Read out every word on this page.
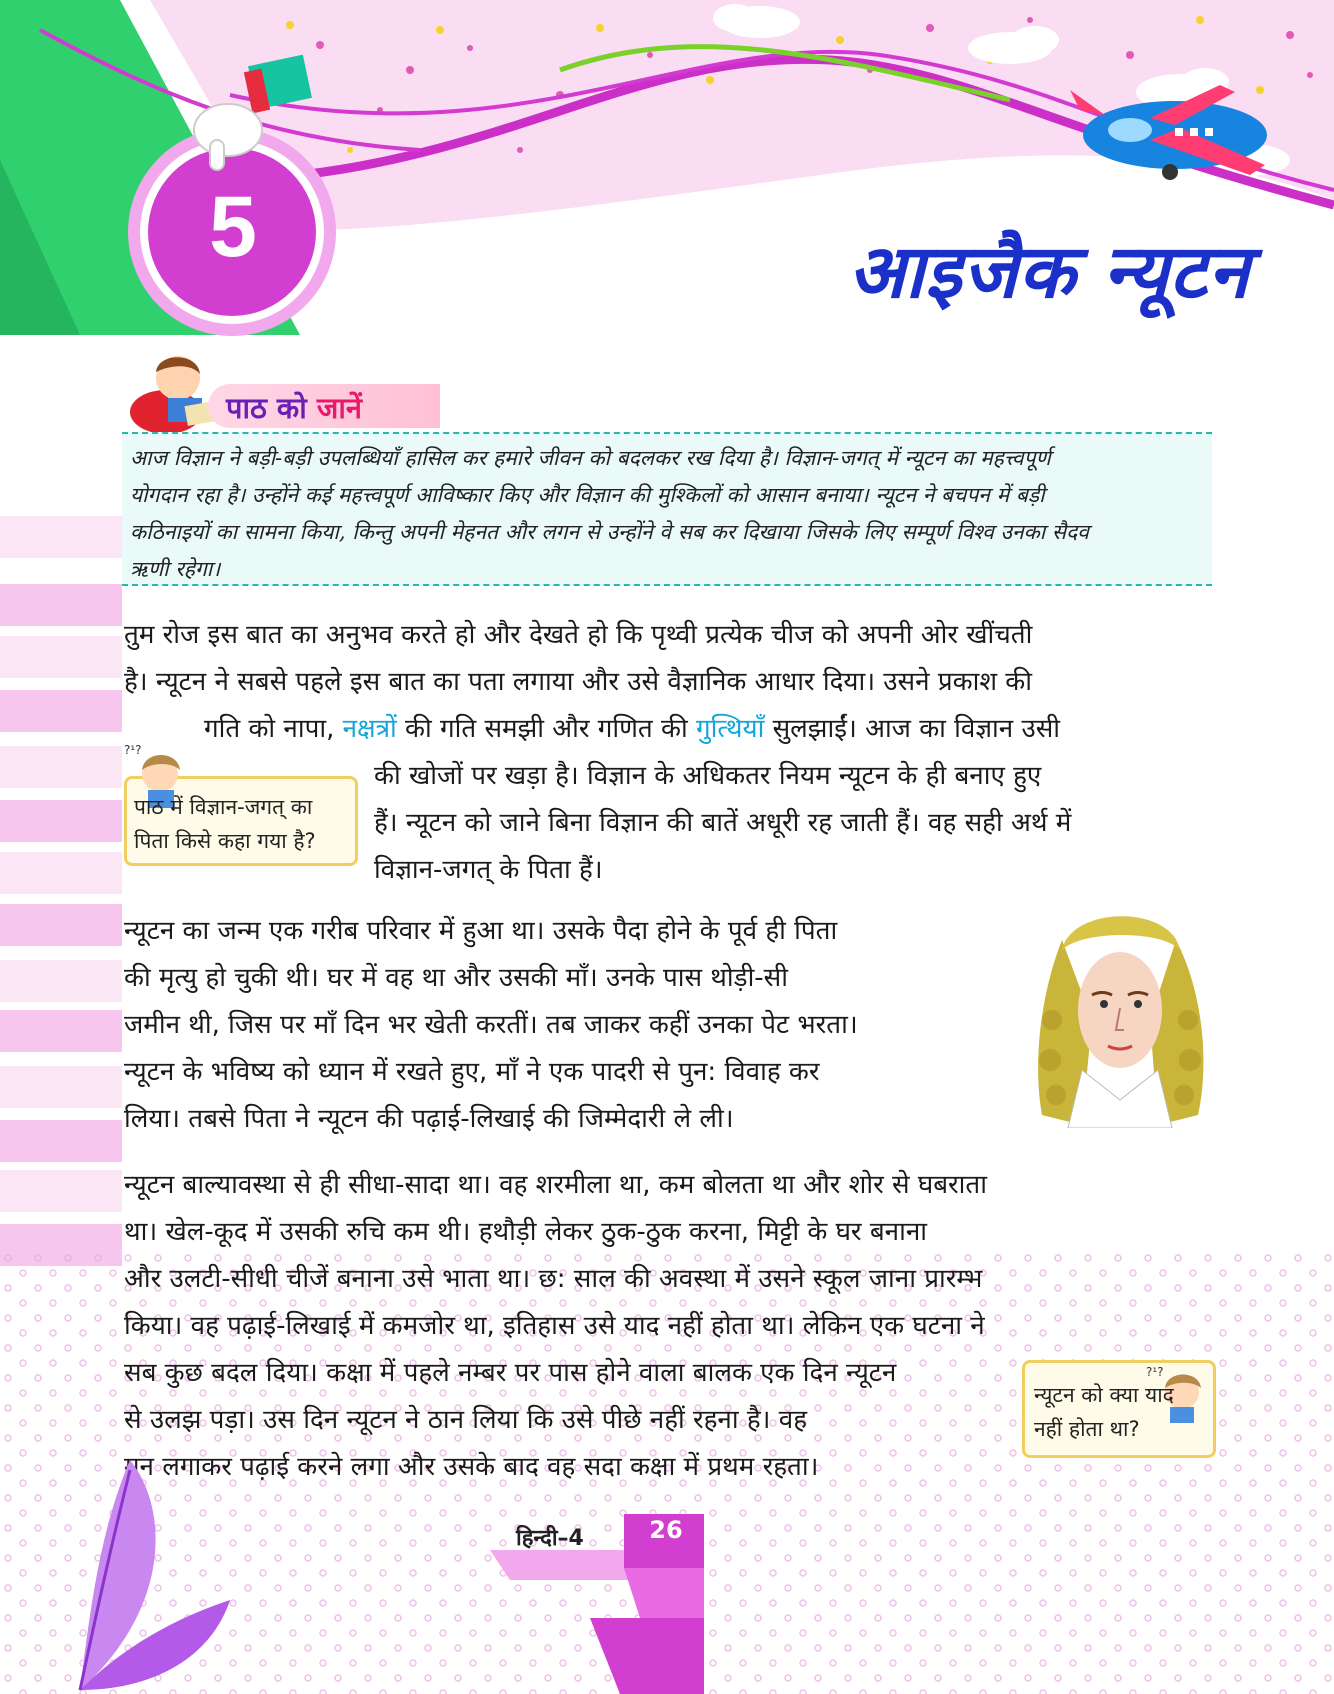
5	आइजैक न्यूटन
पाठ को जानें
आज विज्ञान ने बड़ी-बड़ी उपलब्धियाँ हासिल कर हमारे जीवन को बदलकर रख दिया है। विज्ञान-जगत् में न्यूटन का महत्त्वपूर्ण
योगदान रहा है। उन्होंने कई महत्त्वपूर्ण आविष्कार किए और विज्ञान की मुश्किलों को आसान बनाया। न्यूटन ने बचपन में बड़ी
कठिनाइयों का सामना किया, किन्तु अपनी मेहनत और लगन से उन्होंने वे सब कर दिखाया जिसके लिए सम्पूर्ण विश्व उनका सैदव
ऋणी रहेगा।
तुम रोज इस बात का अनुभव करते हो और देखते हो कि पृथ्वी प्रत्येक चीज को अपनी ओर खींचती
है। न्यूटन ने सबसे पहले इस बात का पता लगाया और उसे वैज्ञानिक आधार दिया। उसने प्रकाश की
गति को नापा, नक्षत्रों की गति समझी और गणित की गुत्थियाँ सुलझाईं। आज का विज्ञान उसी
की खोजों पर खड़ा है। विज्ञान के अधिकतर नियम न्यूटन के ही बनाए हुए
हैं। न्यूटन को जाने बिना विज्ञान की बातें अधूरी रह जाती हैं। वह सही अर्थ में
विज्ञान-जगत् के पिता हैं।
?¹?
पाठ में विज्ञान-जगत् का
पिता किसे कहा गया है?
न्यूटन का जन्म एक गरीब परिवार में हुआ था। उसके पैदा होने के पूर्व ही पिता
की मृत्यु हो चुकी थी। घर में वह था और उसकी माँ। उनके पास थोड़ी-सी
जमीन थी, जिस पर माँ दिन भर खेती करतीं। तब जाकर कहीं उनका पेट भरता।
न्यूटन के भविष्य को ध्यान में रखते हुए, माँ ने एक पादरी से पुन: विवाह कर
लिया। तबसे पिता ने न्यूटन की पढ़ाई-लिखाई की जिम्मेदारी ले ली।
न्यूटन बाल्यावस्था से ही सीधा-सादा था। वह शरमीला था, कम बोलता था और शोर से घबराता
था। खेल-कूद में उसकी रुचि कम थी। हथौड़ी लेकर ठुक-ठुक करना, मिट्टी के घर बनाना
और उलटी-सीधी चीजें बनाना उसे भाता था। छ: साल की अवस्था में उसने स्कूल जाना प्रारम्भ
किया। वह पढ़ाई-लिखाई में कमजोर था, इतिहास उसे याद नहीं होता था। लेकिन एक घटना ने
सब कुछ बदल दिया। कक्षा में पहले नम्बर पर पास होने वाला बालक एक दिन न्यूटन
से उलझ पड़ा। उस दिन न्यूटन ने ठान लिया कि उसे पीछे नहीं रहना है। वह
मन लगाकर पढ़ाई करने लगा और उसके बाद वह सदा कक्षा में प्रथम रहता।
?¹?
न्यूटन को क्या याद
नहीं होता था?
हिन्दी–4	26
